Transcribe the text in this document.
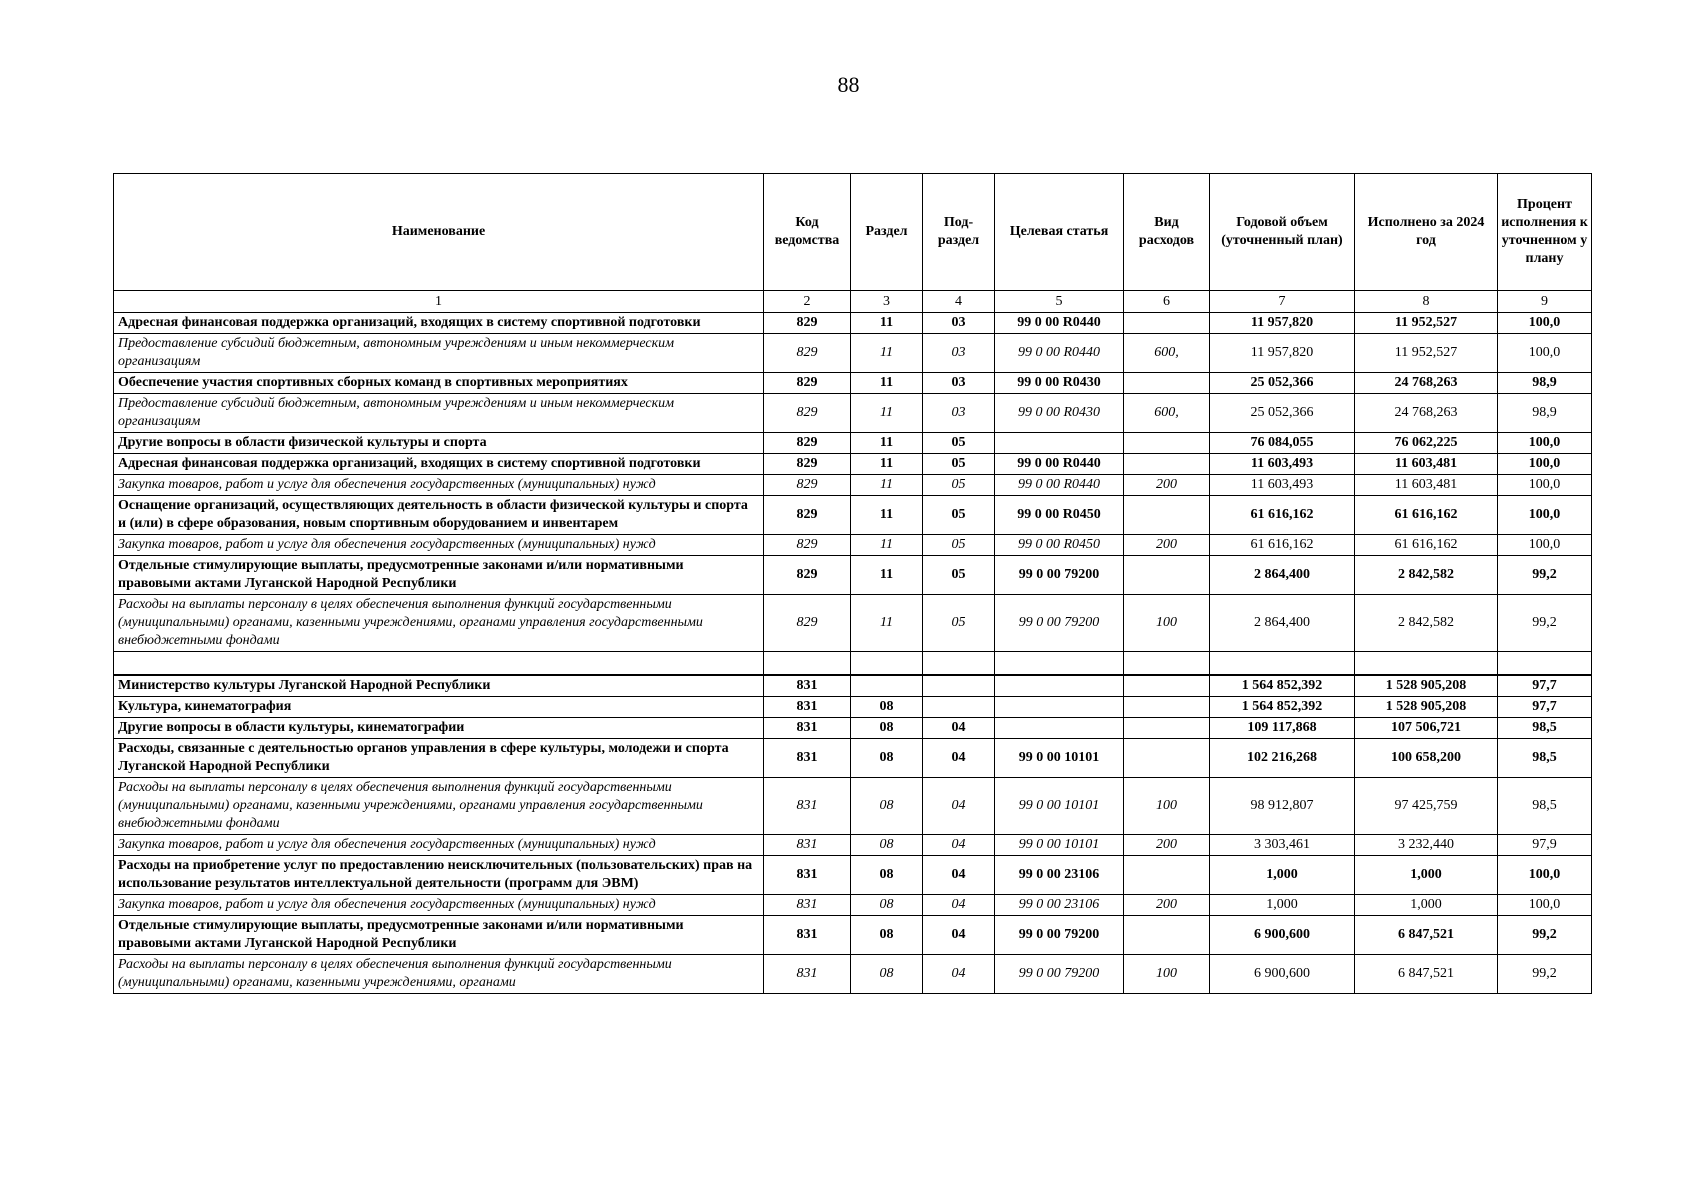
88
Наименование	Код ведомства	Раздел	Под-раздел	Целевая статья	Вид расходов	Годовой объем (уточненный план)	Исполнено за 2024 год	Процент исполнения к уточненном у плану
1	2	3	4	5	6	7	8	9
Адресная финансовая поддержка организаций, входящих в систему спортивной подготовки	829	11	03	99 0 00 R0440		11 957,820	11 952,527	100,0
Предоставление субсидий бюджетным, автономным учреждениям и иным некоммерческим организациям	829	11	03	99 0 00 R0440	600,	11 957,820	11 952,527	100,0
Обеспечение участия спортивных сборных команд в спортивных мероприятиях	829	11	03	99 0 00 R0430		25 052,366	24 768,263	98,9
Предоставление субсидий бюджетным, автономным учреждениям и иным некоммерческим организациям	829	11	03	99 0 00 R0430	600,	25 052,366	24 768,263	98,9
Другие вопросы в области физической культуры и спорта	829	11	05			76 084,055	76 062,225	100,0
Адресная финансовая поддержка организаций, входящих в систему спортивной подготовки	829	11	05	99 0 00 R0440		11 603,493	11 603,481	100,0
Закупка товаров, работ и услуг для обеспечения государственных (муниципальных) нужд	829	11	05	99 0 00 R0440	200	11 603,493	11 603,481	100,0
Оснащение организаций, осуществляющих деятельность в области физической культуры и спорта и (или) в сфере образования, новым спортивным оборудованием и инвентарем	829	11	05	99 0 00 R0450		61 616,162	61 616,162	100,0
Закупка товаров, работ и услуг для обеспечения государственных (муниципальных) нужд	829	11	05	99 0 00 R0450	200	61 616,162	61 616,162	100,0
Отдельные стимулирующие выплаты, предусмотренные законами и/или нормативными правовыми актами Луганской Народной Республики	829	11	05	99 0 00 79200		2 864,400	2 842,582	99,2
Расходы на выплаты персоналу в целях обеспечения выполнения функций государственными (муниципальными) органами, казенными учреждениями, органами управления государственными внебюджетными фондами	829	11	05	99 0 00 79200	100	2 864,400	2 842,582	99,2

Министерство культуры Луганской Народной Республики	831					1 564 852,392	1 528 905,208	97,7
Культура, кинематография	831	08				1 564 852,392	1 528 905,208	97,7
Другие вопросы в области культуры, кинематографии	831	08	04			109 117,868	107 506,721	98,5
Расходы, связанные с деятельностью органов управления в сфере культуры, молодежи и спорта Луганской Народной Республики	831	08	04	99 0 00 10101		102 216,268	100 658,200	98,5
Расходы на выплаты персоналу в целях обеспечения выполнения функций государственными (муниципальными) органами, казенными учреждениями, органами управления государственными внебюджетными фондами	831	08	04	99 0 00 10101	100	98 912,807	97 425,759	98,5
Закупка товаров, работ и услуг для обеспечения государственных (муниципальных) нужд	831	08	04	99 0 00 10101	200	3 303,461	3 232,440	97,9
Расходы на приобретение услуг по предоставлению неисключительных (пользовательских) прав на использование результатов интеллектуальной деятельности (программ для ЭВМ)	831	08	04	99 0 00 23106		1,000	1,000	100,0
Закупка товаров, работ и услуг для обеспечения государственных (муниципальных) нужд	831	08	04	99 0 00 23106	200	1,000	1,000	100,0
Отдельные стимулирующие выплаты, предусмотренные законами и/или нормативными правовыми актами Луганской Народной Республики	831	08	04	99 0 00 79200		6 900,600	6 847,521	99,2
Расходы на выплаты персоналу в целях обеспечения выполнения функций государственными (муниципальными) органами, казенными учреждениями, органами	831	08	04	99 0 00 79200	100	6 900,600	6 847,521	99,2
